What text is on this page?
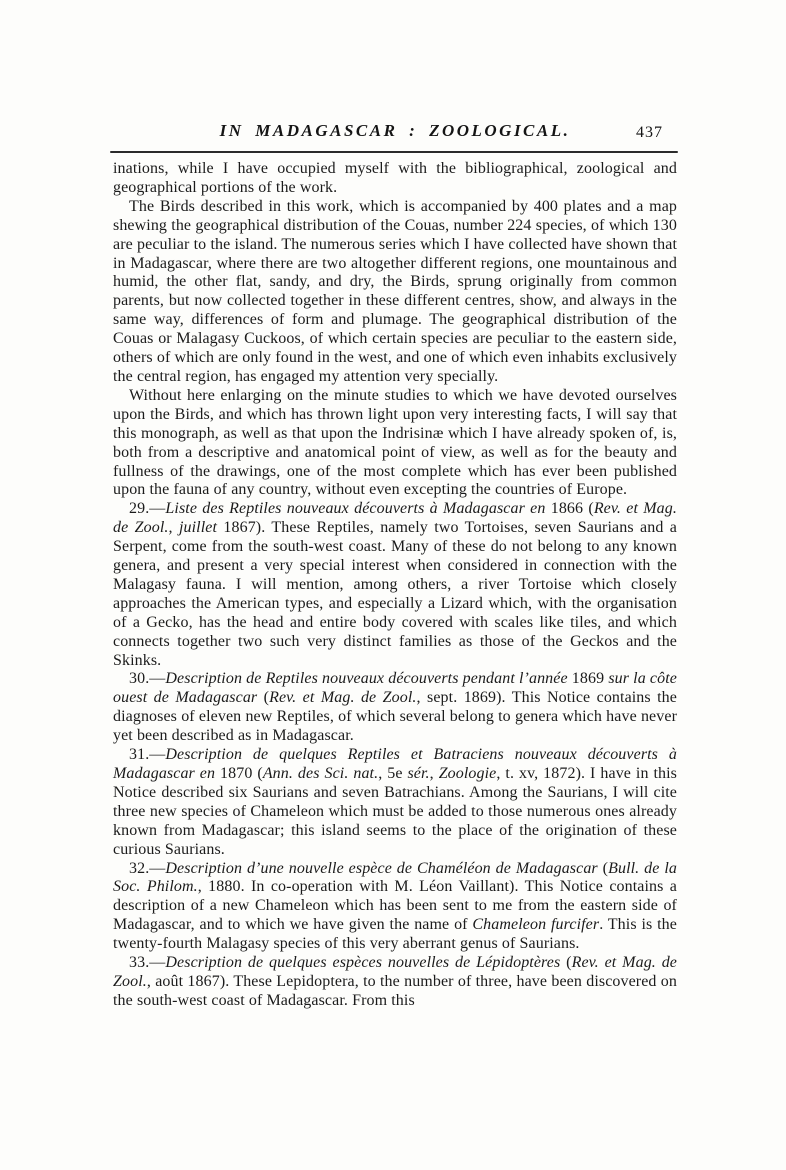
IN MADAGASCAR : ZOOLOGICAL.	437

inations, while I have occupied myself with the bibliographical, zoological and geographical portions of the work.

The Birds described in this work, which is accompanied by 400 plates and a map shewing the geographical distribution of the Couas, number 224 species, of which 130 are peculiar to the island. The numerous series which I have collected have shown that in Madagascar, where there are two altogether different regions, one mountainous and humid, the other flat, sandy, and dry, the Birds, sprung originally from common parents, but now collected together in these different centres, show, and always in the same way, differences of form and plumage. The geographical distribution of the Couas or Malagasy Cuckoos, of which certain species are peculiar to the eastern side, others of which are only found in the west, and one of which even inhabits exclusively the central region, has engaged my attention very specially.

Without here enlarging on the minute studies to which we have devoted ourselves upon the Birds, and which has thrown light upon very interesting facts, I will say that this monograph, as well as that upon the Indrisinæ which I have already spoken of, is, both from a descriptive and anatomical point of view, as well as for the beauty and fullness of the drawings, one of the most complete which has ever been published upon the fauna of any country, without even excepting the countries of Europe.

29.—Liste des Reptiles nouveaux découverts à Madagascar en 1866 (Rev. et Mag. de Zool., juillet 1867). These Reptiles, namely two Tortoises, seven Saurians and a Serpent, come from the south-west coast. Many of these do not belong to any known genera, and present a very special interest when considered in connection with the Malagasy fauna. I will mention, among others, a river Tortoise which closely approaches the American types, and especially a Lizard which, with the organisation of a Gecko, has the head and entire body covered with scales like tiles, and which connects together two such very distinct families as those of the Geckos and the Skinks.

30.—Description de Reptiles nouveaux découverts pendant l’année 1869 sur la côte ouest de Madagascar (Rev. et Mag. de Zool., sept. 1869). This Notice contains the diagnoses of eleven new Reptiles, of which several belong to genera which have never yet been described as in Madagascar.

31.—Description de quelques Reptiles et Batraciens nouveaux découverts à Madagascar en 1870 (Ann. des Sci. nat., 5e sér., Zoologie, t. xv, 1872). I have in this Notice described six Saurians and seven Batrachians. Among the Saurians, I will cite three new species of Chameleon which must be added to those numerous ones already known from Madagascar; this island seems to the place of the origination of these curious Saurians.

32.—Description d’une nouvelle espèce de Chaméléon de Madagascar (Bull. de la Soc. Philom., 1880. In co-operation with M. Léon Vaillant). This Notice contains a description of a new Chameleon which has been sent to me from the eastern side of Madagascar, and to which we have given the name of Chameleon furcifer. This is the twenty-fourth Malagasy species of this very aberrant genus of Saurians.

33.—Description de quelques espèces nouvelles de Lépidoptères (Rev. et Mag. de Zool., août 1867). These Lepidoptera, to the number of three, have been discovered on the south-west coast of Madagascar. From this
